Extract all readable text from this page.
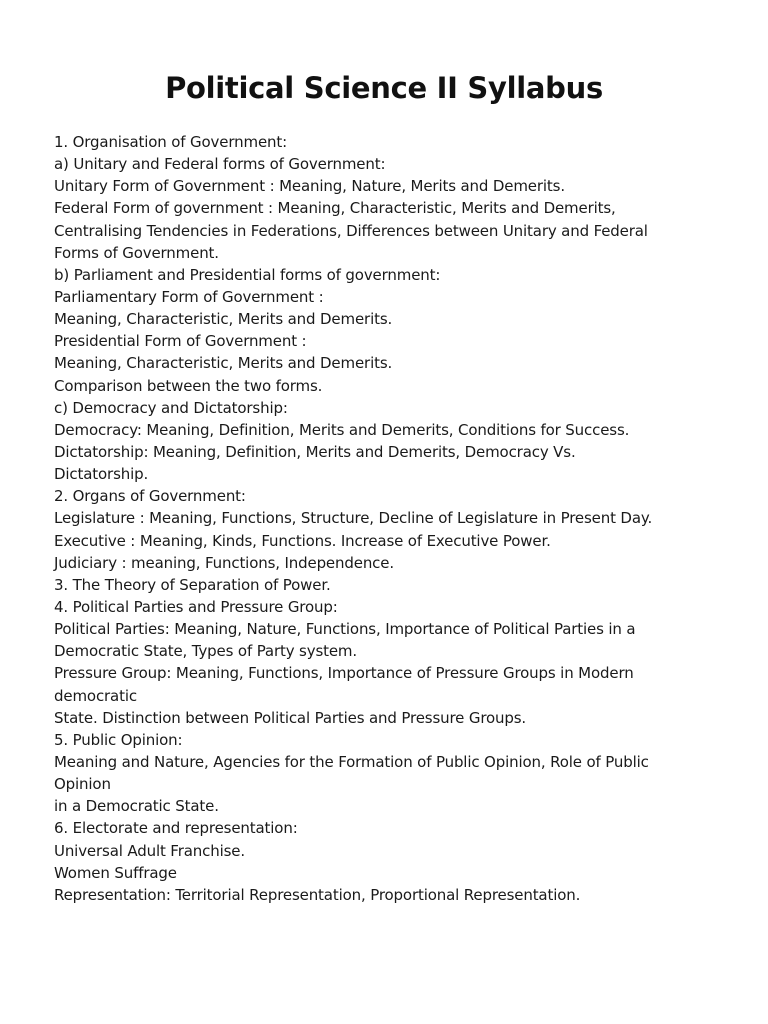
Political Science II Syllabus
1. Organisation of Government:
a) Unitary and Federal forms of Government:
Unitary Form of Government : Meaning, Nature, Merits and Demerits.
Federal Form of government : Meaning, Characteristic, Merits and Demerits,
Centralising Tendencies in Federations, Differences between Unitary and Federal
Forms of Government.
b) Parliament and Presidential forms of government:
Parliamentary Form of Government :
Meaning, Characteristic, Merits and Demerits.
Presidential Form of Government :
Meaning, Characteristic, Merits and Demerits.
Comparison between the two forms.
c) Democracy and Dictatorship:
Democracy: Meaning, Definition, Merits and Demerits, Conditions for Success.
Dictatorship: Meaning, Definition, Merits and Demerits, Democracy Vs.
Dictatorship.
2. Organs of Government:
Legislature : Meaning, Functions, Structure, Decline of Legislature in Present Day.
Executive : Meaning, Kinds, Functions. Increase of Executive Power.
Judiciary : meaning, Functions, Independence.
3. The Theory of Separation of Power.
4. Political Parties and Pressure Group:
Political Parties: Meaning, Nature, Functions, Importance of Political Parties in a
Democratic State, Types of Party system.
Pressure Group: Meaning, Functions, Importance of Pressure Groups in Modern
democratic
State. Distinction between Political Parties and Pressure Groups.
5. Public Opinion:
Meaning and Nature, Agencies for the Formation of Public Opinion, Role of Public
Opinion
in a Democratic State.
6. Electorate and representation:
Universal Adult Franchise.
Women Suffrage
Representation: Territorial Representation, Proportional Representation.
